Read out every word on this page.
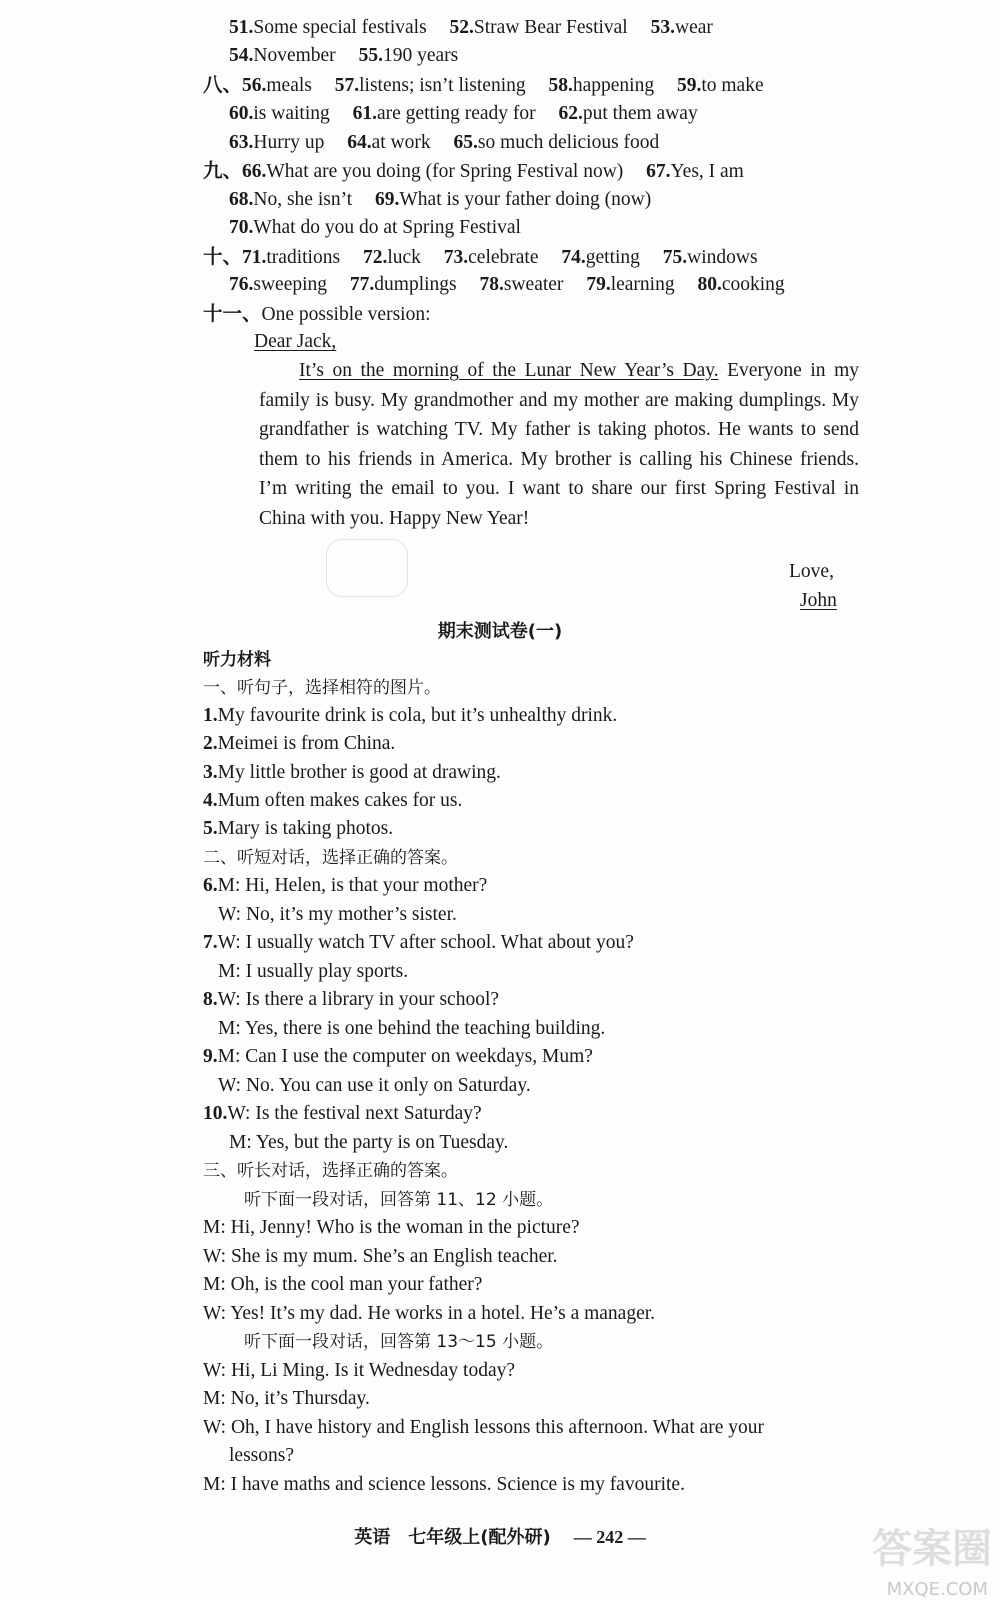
51.Some special festivals 52.Straw Bear Festival 53.wear
54.November 55.190 years
八、56.meals 57.listens; isn’t listening 58.happening 59.to make
60.is waiting 61.are getting ready for 62.put them away
63.Hurry up 64.at work 65.so much delicious food
九、66.What are you doing (for Spring Festival now) 67.Yes, I am
68.No, she isn’t 69.What is your father doing (now)
70.What do you do at Spring Festival
十、71.traditions 72.luck 73.celebrate 74.getting 75.windows
76.sweeping 77.dumplings 78.sweater 79.learning 80.cooking
十一、One possible version:
Dear Jack,
It’s on the morning of the Lunar New Year’s Day. Everyone in my family is busy. My grandmother and my mother are making dumplings. My grandfather is watching TV. My father is taking photos. He wants to send them to his friends in America. My brother is calling his Chinese friends. I’m writing the email to you. I want to share our first Spring Festival in China with you. Happy New Year!
Love,
John
期末测试卷(一)
听力材料
一、听句子，选择相符的图片。
1.My favourite drink is cola, but it’s unhealthy drink.
2.Meimei is from China.
3.My little brother is good at drawing.
4.Mum often makes cakes for us.
5.Mary is taking photos.
二、听短对话，选择正确的答案。
6.M: Hi, Helen, is that your mother?
W: No, it’s my mother’s sister.
7.W: I usually watch TV after school. What about you?
M: I usually play sports.
8.W: Is there a library in your school?
M: Yes, there is one behind the teaching building.
9.M: Can I use the computer on weekdays, Mum?
W: No. You can use it only on Saturday.
10.W: Is the festival next Saturday?
M: Yes, but the party is on Tuesday.
三、听长对话，选择正确的答案。
听下面一段对话，回答第 11、12 小题。
M: Hi, Jenny! Who is the woman in the picture?
W: She is my mum. She’s an English teacher.
M: Oh, is the cool man your father?
W: Yes! It’s my dad. He works in a hotel. He’s a manager.
听下面一段对话，回答第 13～15 小题。
W: Hi, Li Ming. Is it Wednesday today?
M: No, it’s Thursday.
W: Oh, I have history and English lessons this afternoon. What are your
lessons?
M: I have maths and science lessons. Science is my favourite.
英语　七年级上(配外研) — 242 —	答案圈
MXQE.COM
